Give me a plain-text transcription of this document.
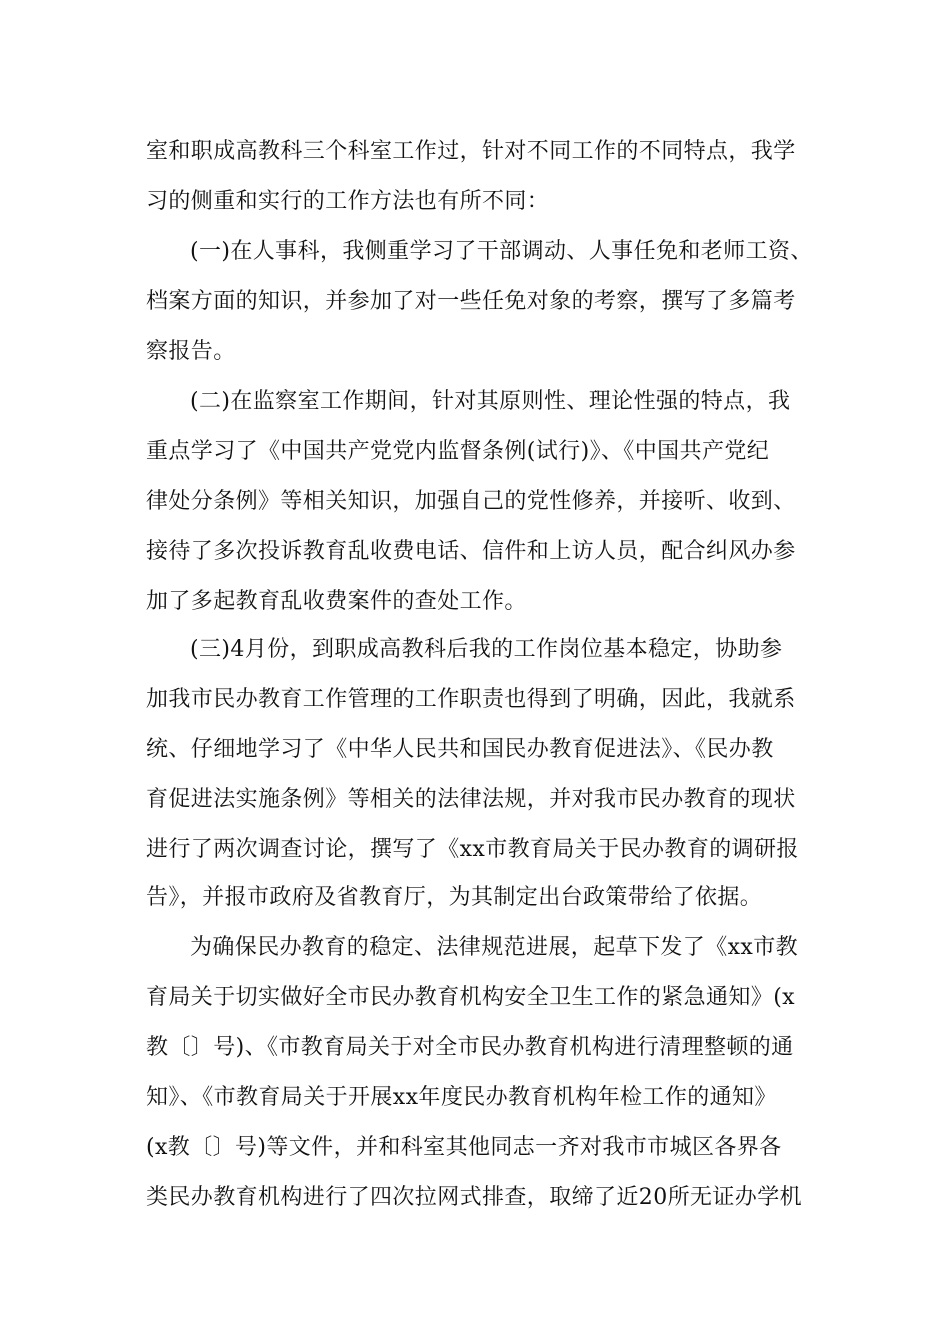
室和职成高教科三个科室工作过，针对不同工作的不同特点，我学
习的侧重和实行的工作方法也有所不同：
(一)在人事科，我侧重学习了干部调动、人事任免和老师工资、
档案方面的知识，并参加了对一些任免对象的考察，撰写了多篇考
察报告。
(二)在监察室工作期间，针对其原则性、理论性强的特点，我
重点学习了《中国共产党党内监督条例(试行)》、《中国共产党纪
律处分条例》等相关知识，加强自己的党性修养，并接听、收到、
接待了多次投诉教育乱收费电话、信件和上访人员，配合纠风办参
加了多起教育乱收费案件的查处工作。
(三)4月份，到职成高教科后我的工作岗位基本稳定，协助参
加我市民办教育工作管理的工作职责也得到了明确，因此，我就系
统、仔细地学习了《中华人民共和国民办教育促进法》、《民办教
育促进法实施条例》等相关的法律法规，并对我市民办教育的现状
进行了两次调查讨论，撰写了《xx市教育局关于民办教育的调研报
告》，并报市政府及省教育厅，为其制定出台政策带给了依据。
为确保民办教育的稳定、法律规范进展，起草下发了《xx市教
育局关于切实做好全市民办教育机构安全卫生工作的紧急通知》(x
教〔〕号)、《市教育局关于对全市民办教育机构进行清理整顿的通
知》、《市教育局关于开展xx年度民办教育机构年检工作的通知》
(x教〔〕号)等文件，并和科室其他同志一齐对我市市城区各界各
类民办教育机构进行了四次拉网式排查，取缔了近20所无证办学机
